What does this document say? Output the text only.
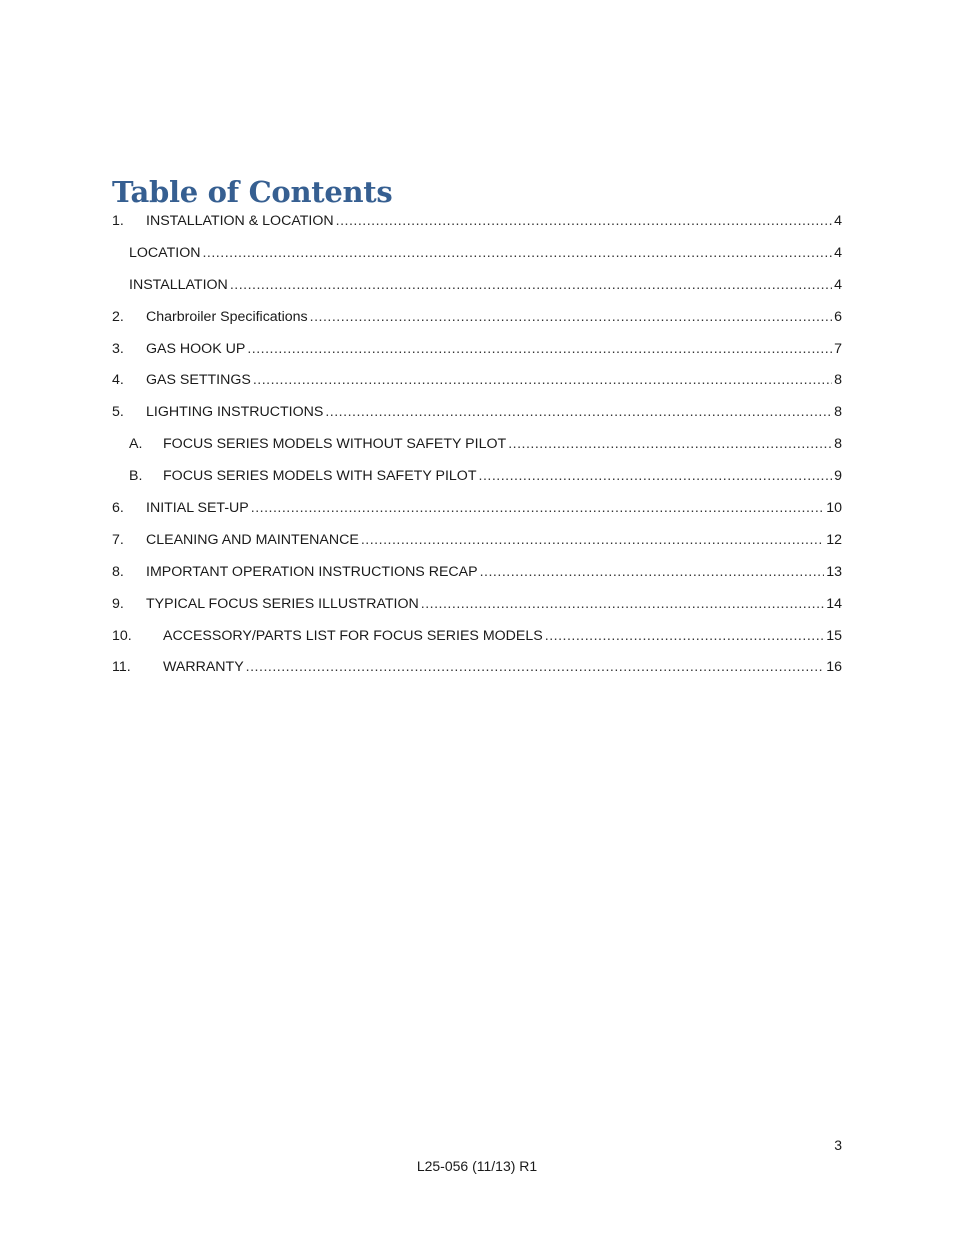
Table of Contents
1.	INSTALLATION & LOCATION .....	4
LOCATION .....	4
INSTALLATION .....	4
2.	Charbroiler Specifications .....	6
3.	GAS HOOK UP .....	7
4.	GAS SETTINGS .....	8
5.	LIGHTING INSTRUCTIONS .....	8
A.	FOCUS SERIES MODELS WITHOUT SAFETY PILOT .....	8
B.	FOCUS SERIES MODELS WITH SAFETY PILOT .....	9
6.	INITIAL SET-UP .....	10
7.	CLEANING AND MAINTENANCE .....	12
8.	IMPORTANT OPERATION INSTRUCTIONS RECAP .....	13
9.	TYPICAL FOCUS SERIES ILLUSTRATION .....	14
10.	ACCESSORY/PARTS LIST FOR FOCUS SERIES MODELS .....	15
11.	WARRANTY .....	16
3
L25-056 (11/13) R1
